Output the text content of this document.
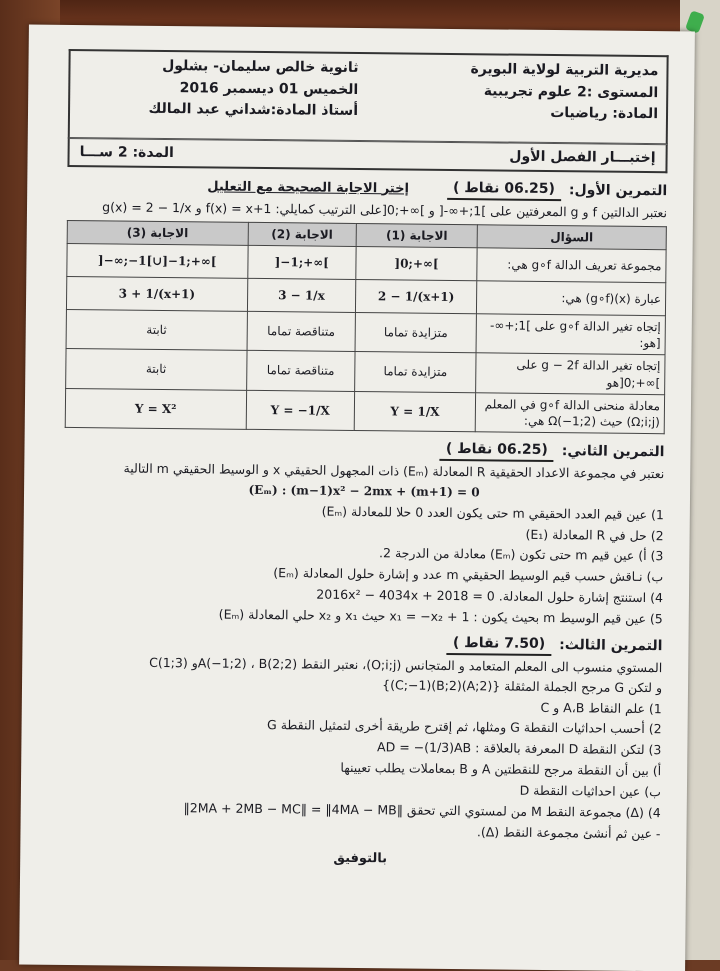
مديرية التربية لولاية البويرة
المستوى :2 علوم تجريبية
المادة: رياضيات
ثانوية خالص سليمان- بشلول
الخميس 01 ديسمبر 2016
أستاذ المادة:شداني عبد المالك
إختبـــار الفصل الأول
المدة: 2 ســـا
التمرين الأول:
(06.25 نقاط )
إختر الاجابة الصحيحة مع التعليل
نعتبر الدالتين f و g المعرفتين على ]1;+∞-[ و ]∞+;0[على الترتيب كمايلي: f(x) = x+1 و g(x) = 2 − 1/x
السؤال	الاجابة (1)	الاجابة (2)	الاجابة (3)
مجموعة تعريف الدالة g∘f هي:	]0;+∞[	]−1;+∞[	]−∞;−1[∪]−1;+∞[
عبارة (x)(g∘f) هي:	2 − 1/(x+1)	3 − 1/x	3 + 1/(x+1)
إتجاه تغير الدالة g∘f على ]1;+∞-[هو:	متزايدة تماما	متناقصة تماما	ثابتة
إتجاه تغير الدالة g − 2f على ]∞+;0[هو	متزايدة تماما	متناقصة تماما	ثابتة
معادلة منحنى الدالة g∘f في المعلم (Ω;i;j) حيث Ω(−1;2) هي:	Y = 1/X	Y = −1/X	Y = X²
التمرين الثاني:
(06.25 نقاط )
نعتبر في مجموعة الاعداد الحقيقية R المعادلة (Eₘ) ذات المجهول الحقيقي x و الوسيط الحقيقي m التالية
(Eₘ) : (m−1)x² − 2mx + (m+1) = 0
1) عين قيم العدد الحقيقي m حتى يكون العدد 0 حلا للمعادلة (Eₘ)
2) حل في R المعادلة (E₁)
3) أ) عين قيم m حتى تكون (Eₘ) معادلة من الدرجة 2.
ب) نـاقش حسب قيم الوسيط الحقيقي m عدد و إشارة حلول المعادلة (Eₘ)
4) استنتج إشارة حلول المعادلة. 2016x² − 4034x + 2018 = 0
5) عين قيم الوسيط m بحيث يكون : x₁ = −x₂ + 1 حيث x₁ و x₂ حلي المعادلة (Eₘ)
التمرين الثالث:
(7.50 نقاط )
المستوي منسوب الى المعلم المتعامد و المتجانس (O;i;j)، نعتبر النقط A(−1;2) ، B(2;2)و C(1;3)
و لتكن G مرجح الجملة المثقلة {(A;2)(B;2)(C;−1)}
1) علم النقاط A،B و C
2) أحسب احداثيات النقطة G ومثلها، ثم إقترح طريقة أخرى لتمثيل النقطة G
3) لتكن النقطة D المعرفة بالعلاقة : AD = −(1/3)AB
أ) بين أن النقطة مرجح للنقطتين A و B بمعاملات يطلب تعيينها
ب) عين احداثيات النقطة D
4) (Δ) مجموعة النقط M من لمستوي التي تحقق ‖2MA + 2MB − MC‖ = ‖4MA − MB‖
- عين ثم أنشئ مجموعة النقط (Δ).
بالتوفيق
